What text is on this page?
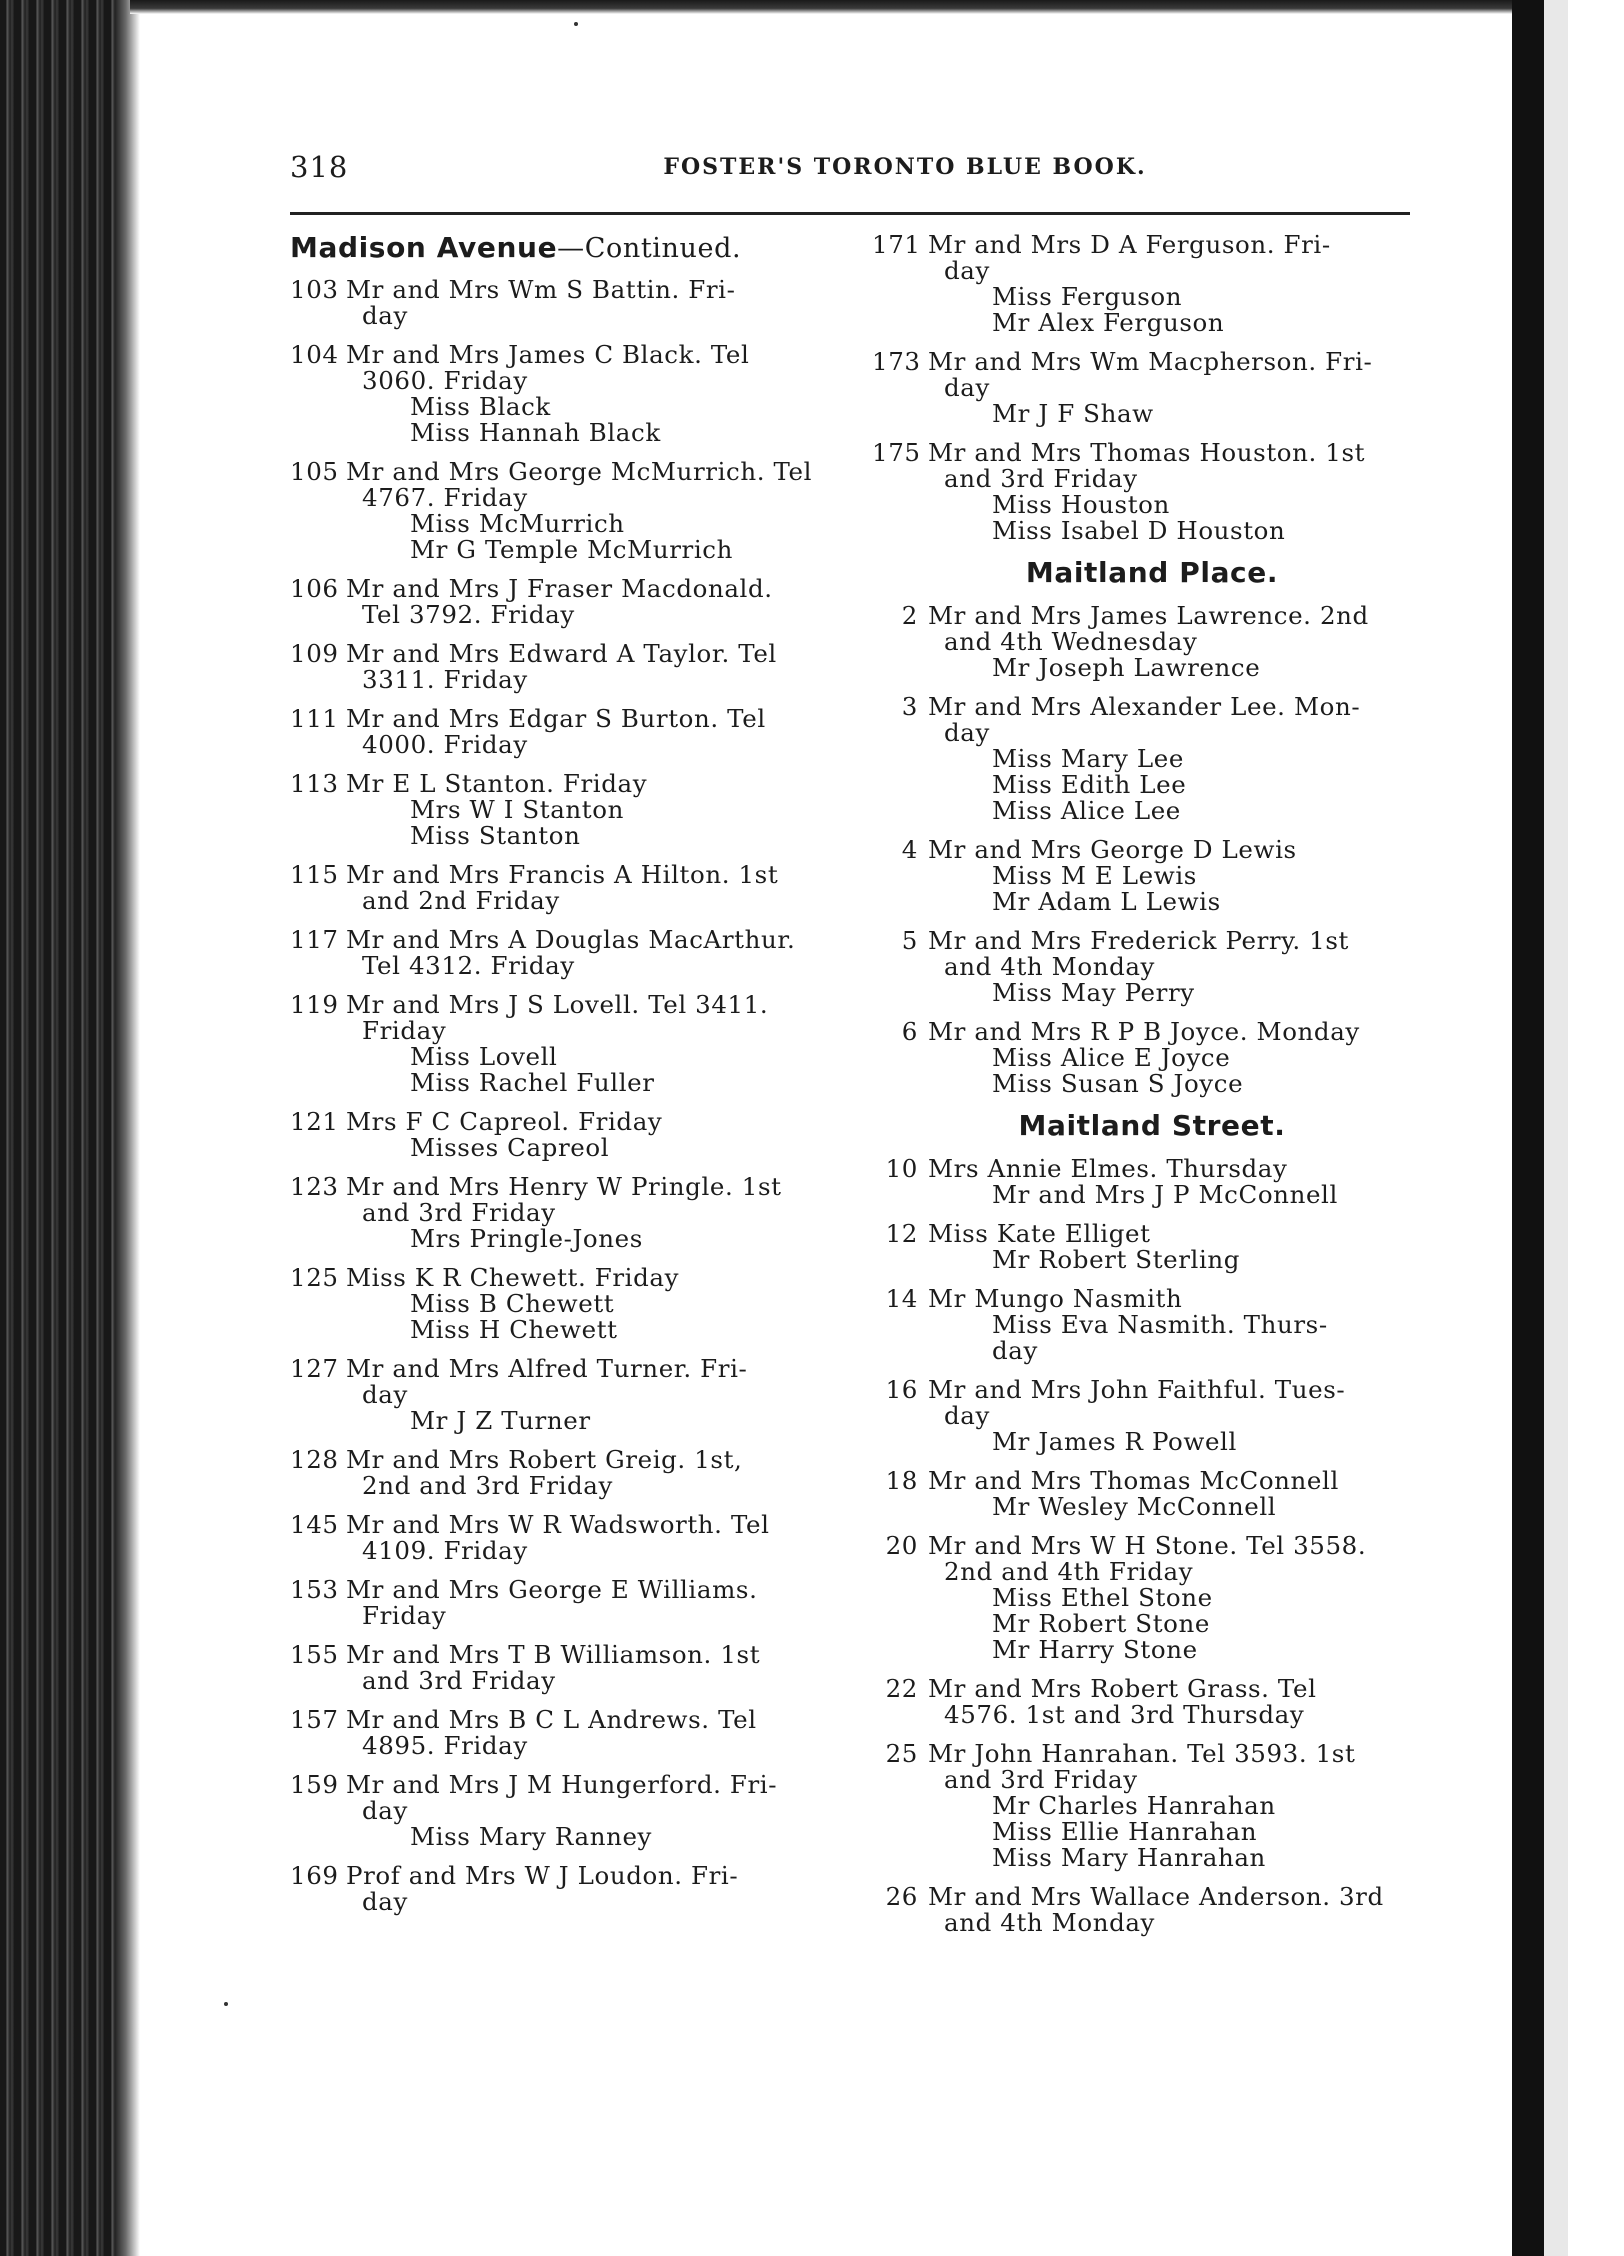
318	FOSTER'S TORONTO BLUE BOOK.
Madison Avenue—Continued.
103 Mr and Mrs Wm S Battin. Fri-
day
104 Mr and Mrs James C Black. Tel
3060. Friday
Miss Black
Miss Hannah Black
105 Mr and Mrs George McMurrich. Tel
4767. Friday
Miss McMurrich
Mr G Temple McMurrich
106 Mr and Mrs J Fraser Macdonald.
Tel 3792. Friday
109 Mr and Mrs Edward A Taylor. Tel
3311. Friday
111 Mr and Mrs Edgar S Burton. Tel
4000. Friday
113 Mr E L Stanton. Friday
Mrs W I Stanton
Miss Stanton
115 Mr and Mrs Francis A Hilton. 1st
and 2nd Friday
117 Mr and Mrs A Douglas MacArthur.
Tel 4312. Friday
119 Mr and Mrs J S Lovell. Tel 3411.
Friday
Miss Lovell
Miss Rachel Fuller
121 Mrs F C Capreol. Friday
Misses Capreol
123 Mr and Mrs Henry W Pringle. 1st
and 3rd Friday
Mrs Pringle-Jones
125 Miss K R Chewett. Friday
Miss B Chewett
Miss H Chewett
127 Mr and Mrs Alfred Turner. Fri-
day
Mr J Z Turner
128 Mr and Mrs Robert Greig. 1st,
2nd and 3rd Friday
145 Mr and Mrs W R Wadsworth. Tel
4109. Friday
153 Mr and Mrs George E Williams.
Friday
155 Mr and Mrs T B Williamson. 1st
and 3rd Friday
157 Mr and Mrs B C L Andrews. Tel
4895. Friday
159 Mr and Mrs J M Hungerford. Fri-
day
Miss Mary Ranney
169 Prof and Mrs W J Loudon. Fri-
day
171 Mr and Mrs D A Ferguson. Fri-
day
Miss Ferguson
Mr Alex Ferguson
173 Mr and Mrs Wm Macpherson. Fri-
day
Mr J F Shaw
175 Mr and Mrs Thomas Houston. 1st
and 3rd Friday
Miss Houston
Miss Isabel D Houston
Maitland Place.
2 Mr and Mrs James Lawrence. 2nd
and 4th Wednesday
Mr Joseph Lawrence
3 Mr and Mrs Alexander Lee. Mon-
day
Miss Mary Lee
Miss Edith Lee
Miss Alice Lee
4 Mr and Mrs George D Lewis
Miss M E Lewis
Mr Adam L Lewis
5 Mr and Mrs Frederick Perry. 1st
and 4th Monday
Miss May Perry
6 Mr and Mrs R P B Joyce. Monday
Miss Alice E Joyce
Miss Susan S Joyce
Maitland Street.
10 Mrs Annie Elmes. Thursday
Mr and Mrs J P McConnell
12 Miss Kate Elliget
Mr Robert Sterling
14 Mr Mungo Nasmith
Miss Eva Nasmith. Thurs-
day
16 Mr and Mrs John Faithful. Tues-
day
Mr James R Powell
18 Mr and Mrs Thomas McConnell
Mr Wesley McConnell
20 Mr and Mrs W H Stone. Tel 3558.
2nd and 4th Friday
Miss Ethel Stone
Mr Robert Stone
Mr Harry Stone
22 Mr and Mrs Robert Grass. Tel
4576. 1st and 3rd Thursday
25 Mr John Hanrahan. Tel 3593. 1st
and 3rd Friday
Mr Charles Hanrahan
Miss Ellie Hanrahan
Miss Mary Hanrahan
26 Mr and Mrs Wallace Anderson. 3rd
and 4th Monday
